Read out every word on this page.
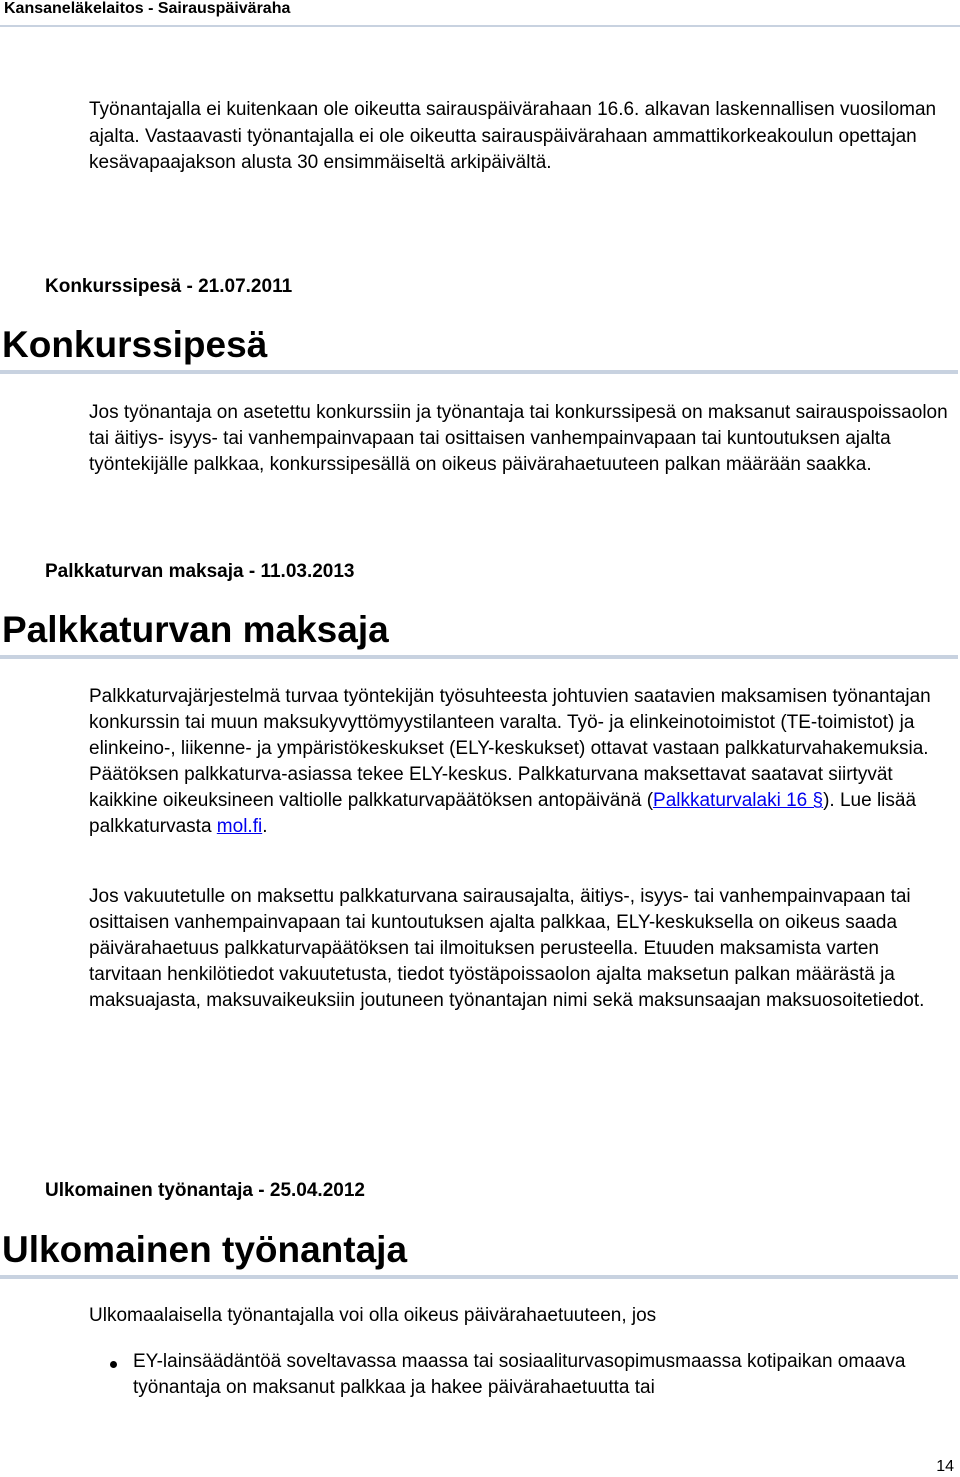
Kansaneläkelaitos - Sairauspäiväraha

Työnantajalla ei kuitenkaan ole oikeutta sairauspäivärahaan 16.6. alkavan laskennallisen vuosiloman ajalta. Vastaavasti työnantajalla ei ole oikeutta sairauspäivärahaan ammattikorkeakoulun opettajan kesävapaajakson alusta 30 ensimmäiseltä arkipäivältä.

Konkurssipesä - 21.07.2011
Konkurssipesä

Jos työnantaja on asetettu konkurssiin ja työnantaja tai konkurssipesä on maksanut sairauspoissaolon tai äitiys- isyys- tai vanhempainvapaan tai osittaisen vanhempainvapaan tai kuntoutuksen ajalta työntekijälle palkkaa, konkurssipesällä on oikeus päivärahaetuuteen palkan määrään saakka.

Palkkaturvan maksaja - 11.03.2013
Palkkaturvan maksaja

Palkkaturvajärjestelmä turvaa työntekijän työsuhteesta johtuvien saatavien maksamisen työnantajan konkurssin tai muun maksukyvyttömyystilanteen varalta. Työ- ja elinkeinotoimistot (TE-toimistot) ja elinkeino-, liikenne- ja ympäristökeskukset (ELY-keskukset) ottavat vastaan palkkaturvahakemuksia. Päätöksen palkkaturva-asiassa tekee ELY-keskus. Palkkaturvana maksettavat saatavat siirtyvät kaikkine oikeuksineen valtiolle palkkaturvapäätöksen antopäivänä (Palkkaturvalaki 16 §). Lue lisää palkkaturvasta mol.fi.

Jos vakuutetulle on maksettu palkkaturvana sairausajalta, äitiys-, isyys- tai vanhempainvapaan tai osittaisen vanhempainvapaan tai kuntoutuksen ajalta palkkaa, ELY-keskuksella on oikeus saada päivärahaetuus palkkaturvapäätöksen tai ilmoituksen perusteella. Etuuden maksamista varten tarvitaan henkilötiedot vakuutetusta, tiedot työstäpoissaolon ajalta maksetun palkan määrästä ja maksuajasta, maksuvaikeuksiin joutuneen työnantajan nimi sekä maksunsaajan maksuosoitetiedot.

Ulkomainen työnantaja - 25.04.2012
Ulkomainen työnantaja

Ulkomaalaisella työnantajalla voi olla oikeus päivärahaetuuteen, jos

EY-lainsäädäntöä soveltavassa maassa tai sosiaaliturvasopimusmaassa kotipaikan omaava työnantaja on maksanut palkkaa ja hakee päivärahaetuutta tai
14
